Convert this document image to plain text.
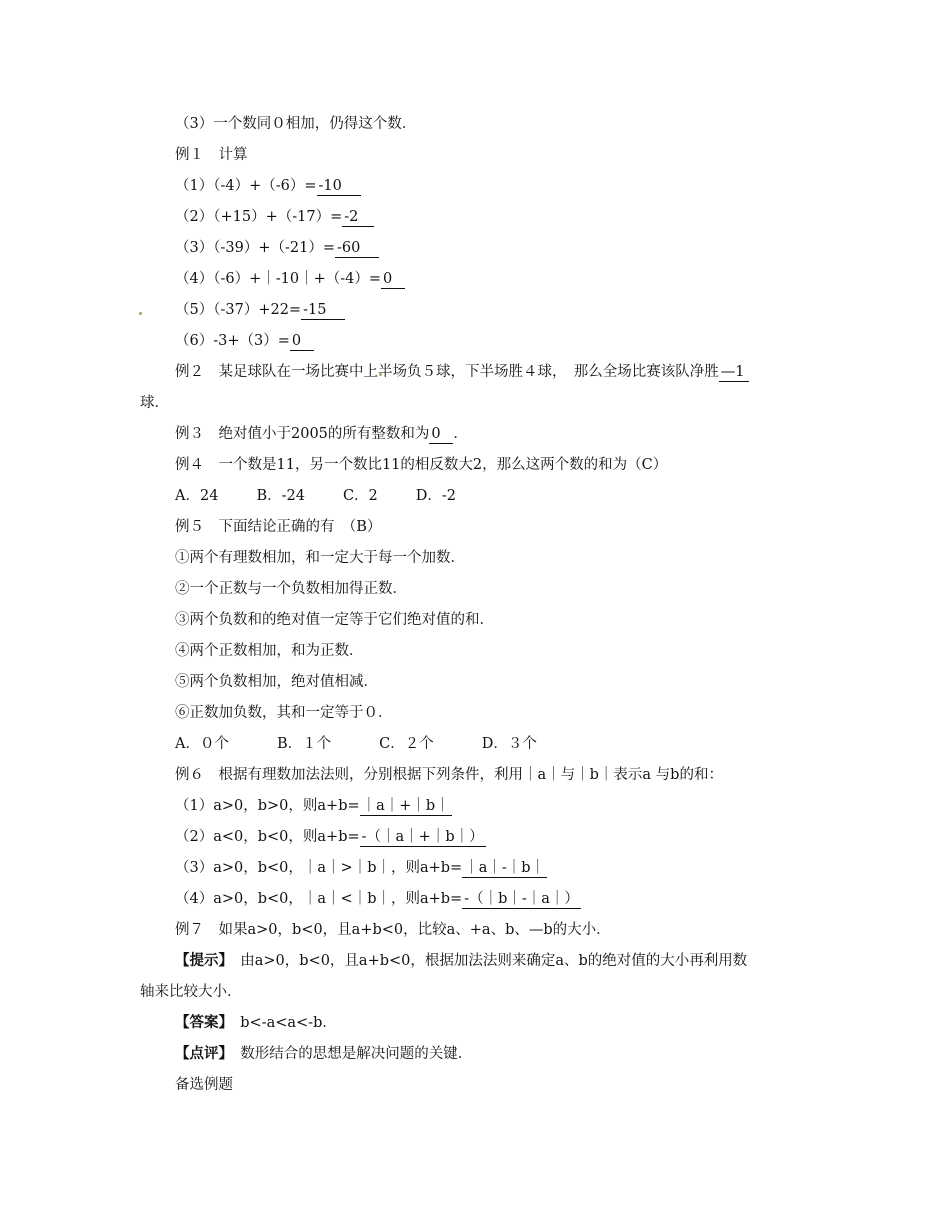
（3）一个数同０相加，仍得这个数．
例１　计算
（1）（-4）+（-6）= -10
（2）（+15）+（-17）= -2
（3）（-39）+（-21）= -60
（4）（-6）+｜-10｜+（-4）= 0
（5）（-37）+22= -15
（6）-3+（3）= 0
例２　某足球队在一场比赛中上半场负５球，下半场胜４球，　那么全场比赛该队净胜 —1
球．
例３　绝对值小于2005的所有整数和为 0 ．
例４　一个数是11，另一个数比11的相反数大2，那么这两个数的和为（C）
A．24	B．-24	C．2	D．-2
例５　下面结论正确的有　（B）
①两个有理数相加，和一定大于每一个加数．
②一个正数与一个负数相加得正数．
③两个负数和的绝对值一定等于它们绝对值的和．
④两个正数相加，和为正数．
⑤两个负数相加，绝对值相减．
⑥正数加负数，其和一定等于０．
A．０个	B．１个	C．２个	D．３个
例６　根据有理数加法法则，分别根据下列条件，利用｜a｜与｜b｜表示a 与b的和：
（1）a>0，b>0，则a+b= ｜a｜+｜b｜
（2）a<0，b<0，则a+b= -（｜a｜+｜b｜）
（3）a>0，b<0，｜a｜>｜b｜，则a+b= ｜a｜-｜b｜
（4）a>0，b<0，｜a｜<｜b｜，则a+b= -（｜b｜-｜a｜）
例７　如果a>0，b<0，且a+b<0，比较a、+a、b、—b的大小．
【提示】　由a>0，b<0，且a+b<0，根据加法法则来确定a、b的绝对值的大小再利用数
轴来比较大小．
【答案】　b<-a<a<-b．
【点评】　数形结合的思想是解决问题的关键．
备选例题
